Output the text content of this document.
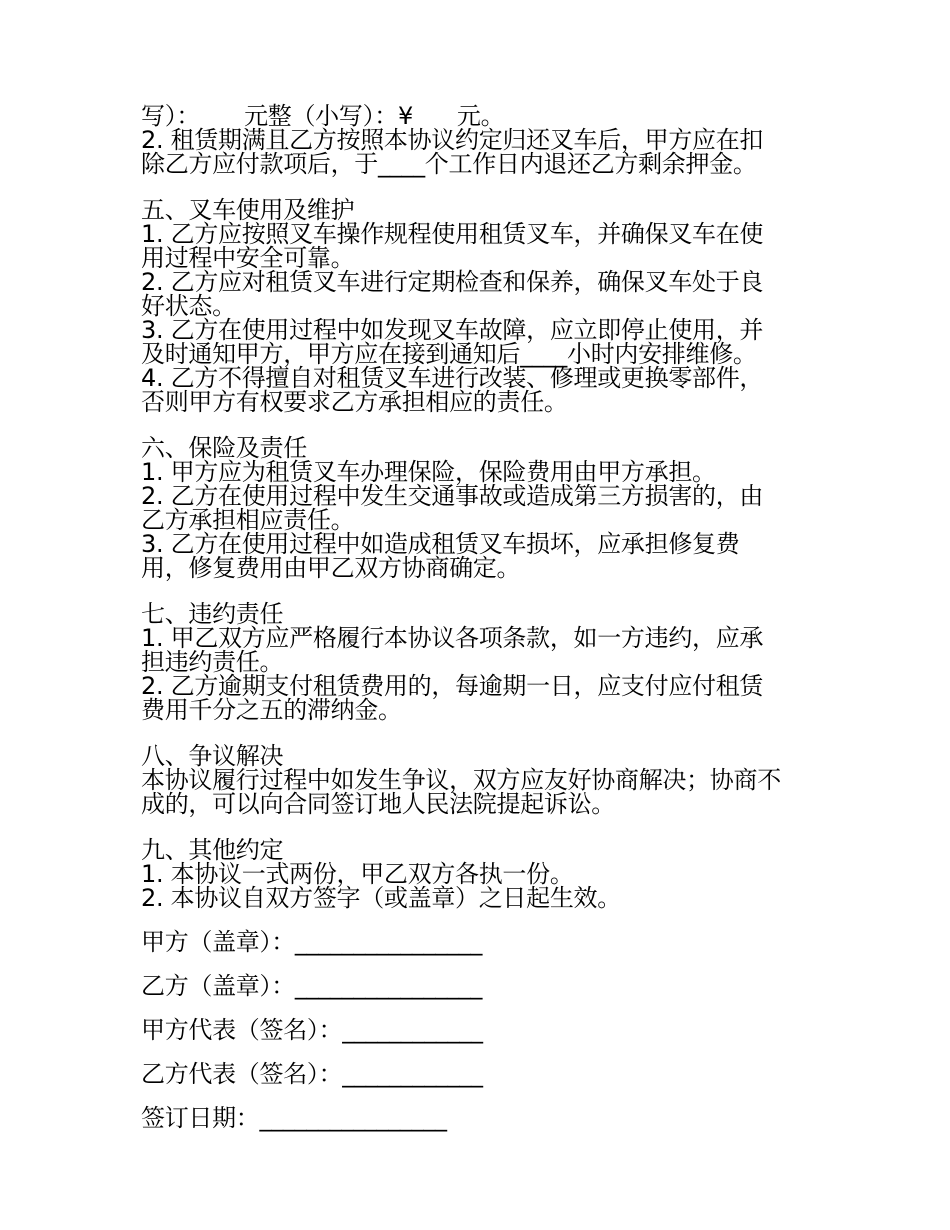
写）：      元整（小写）：¥      元。
2. 租赁期满且乙方按照本协议约定归还叉车后，甲方应在扣
除乙方应付款项后，于____个工作日内退还乙方剩余押金。
五、叉车使用及维护
1. 乙方应按照叉车操作规程使用租赁叉车，并确保叉车在使
用过程中安全可靠。
2. 乙方应对租赁叉车进行定期检查和保养，确保叉车处于良
好状态。
3. 乙方在使用过程中如发现叉车故障，应立即停止使用，并
及时通知甲方，甲方应在接到通知后____小时内安排维修。
4. 乙方不得擅自对租赁叉车进行改装、修理或更换零部件，
否则甲方有权要求乙方承担相应的责任。
六、保险及责任
1. 甲方应为租赁叉车办理保险，保险费用由甲方承担。
2. 乙方在使用过程中发生交通事故或造成第三方损害的，由
乙方承担相应责任。
3. 乙方在使用过程中如造成租赁叉车损坏，应承担修复费
用，修复费用由甲乙双方协商确定。
七、违约责任
1. 甲乙双方应严格履行本协议各项条款，如一方违约，应承
担违约责任。
2. 乙方逾期支付租赁费用的，每逾期一日，应支付应付租赁
费用千分之五的滞纳金。
八、争议解决
本协议履行过程中如发生争议，双方应友好协商解决；协商不
成的，可以向合同签订地人民法院提起诉讼。
九、其他约定
1. 本协议一式两份，甲乙双方各执一份。
2. 本协议自双方签字（或盖章）之日起生效。
甲方（盖章）：________________
乙方（盖章）：________________
甲方代表（签名）：____________
乙方代表（签名）：____________
签订日期：________________
